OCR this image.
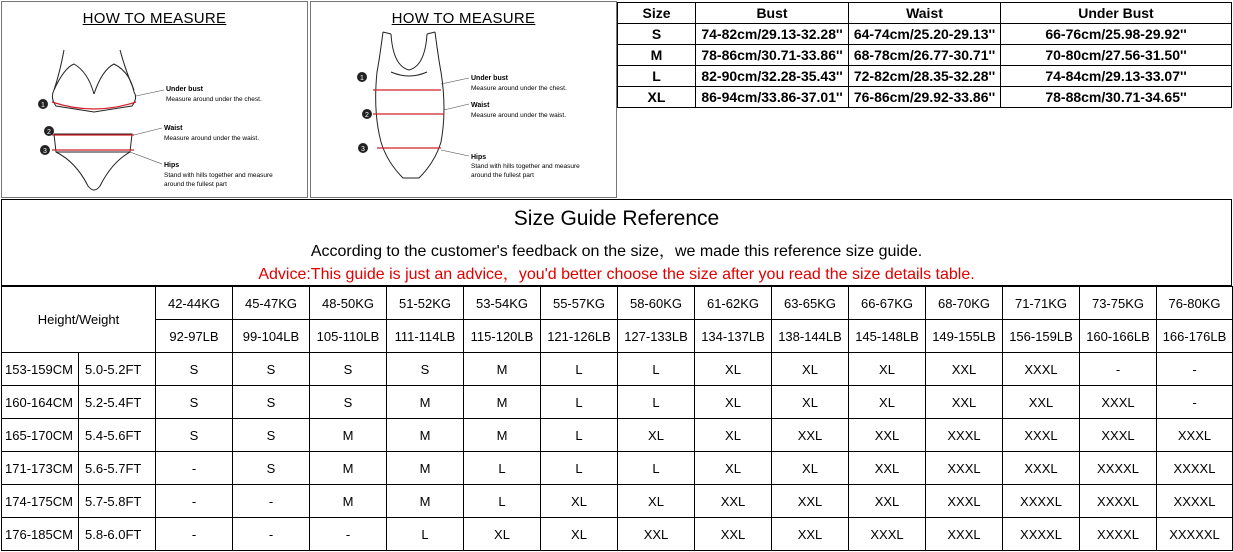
HOW TO MEASURE
1
2
3
Under bust
Measure around under the chest.
Waist
Measure around under the waist.
Hips
Stand with hills together and measure
around the fullest part
HOW TO MEASURE
1
2
3
Under bust
Measure around under the chest.
Waist
Measure around under the waist.
Hips
Stand with hills together and measure
around the fullest part
Size	Bust	Waist	Under Bust
S	74-82cm/29.13-32.28''	64-74cm/25.20-29.13''	66-76cm/25.98-29.92''
M	78-86cm/30.71-33.86''	68-78cm/26.77-30.71''	70-80cm/27.56-31.50''
L	82-90cm/32.28-35.43''	72-82cm/28.35-32.28''	74-84cm/29.13-33.07''
XL	86-94cm/33.86-37.01''	76-86cm/29.92-33.86''	78-88cm/30.71-34.65''
Size Guide Reference
According to the customer's feedback on the size，we made this reference size guide.
Advice:This guide is just an advice，you'd better choose the size after you read the size details table.
Height/Weight		42-44KG	45-47KG	48-50KG	51-52KG	53-54KG	55-57KG	58-60KG	61-62KG	63-65KG	66-67KG	68-70KG	71-71KG	73-75KG	76-80KG
		92-97LB	99-104LB	105-110LB	111-114LB	115-120LB	121-126LB	127-133LB	134-137LB	138-144LB	145-148LB	149-155LB	156-159LB	160-166LB	166-176LB
153-159CM	5.0-5.2FT	S	S	S	S	M	L	L	XL	XL	XL	XXL	XXXL	-	-
160-164CM	5.2-5.4FT	S	S	S	M	M	L	L	XL	XL	XL	XXL	XXL	XXXL	-
165-170CM	5.4-5.6FT	S	S	M	M	M	L	XL	XL	XXL	XXL	XXXL	XXXL	XXXL	XXXL
171-173CM	5.6-5.7FT	-	S	M	M	L	L	L	XL	XL	XXL	XXXL	XXXL	XXXXL	XXXXL
174-175CM	5.7-5.8FT	-	-	M	M	L	XL	XL	XXL	XXL	XXL	XXXL	XXXXL	XXXXL	XXXXL
176-185CM	5.8-6.0FT	-	-	-	L	XL	XL	XXL	XXL	XXL	XXXL	XXXL	XXXXL	XXXXL	XXXXXL
